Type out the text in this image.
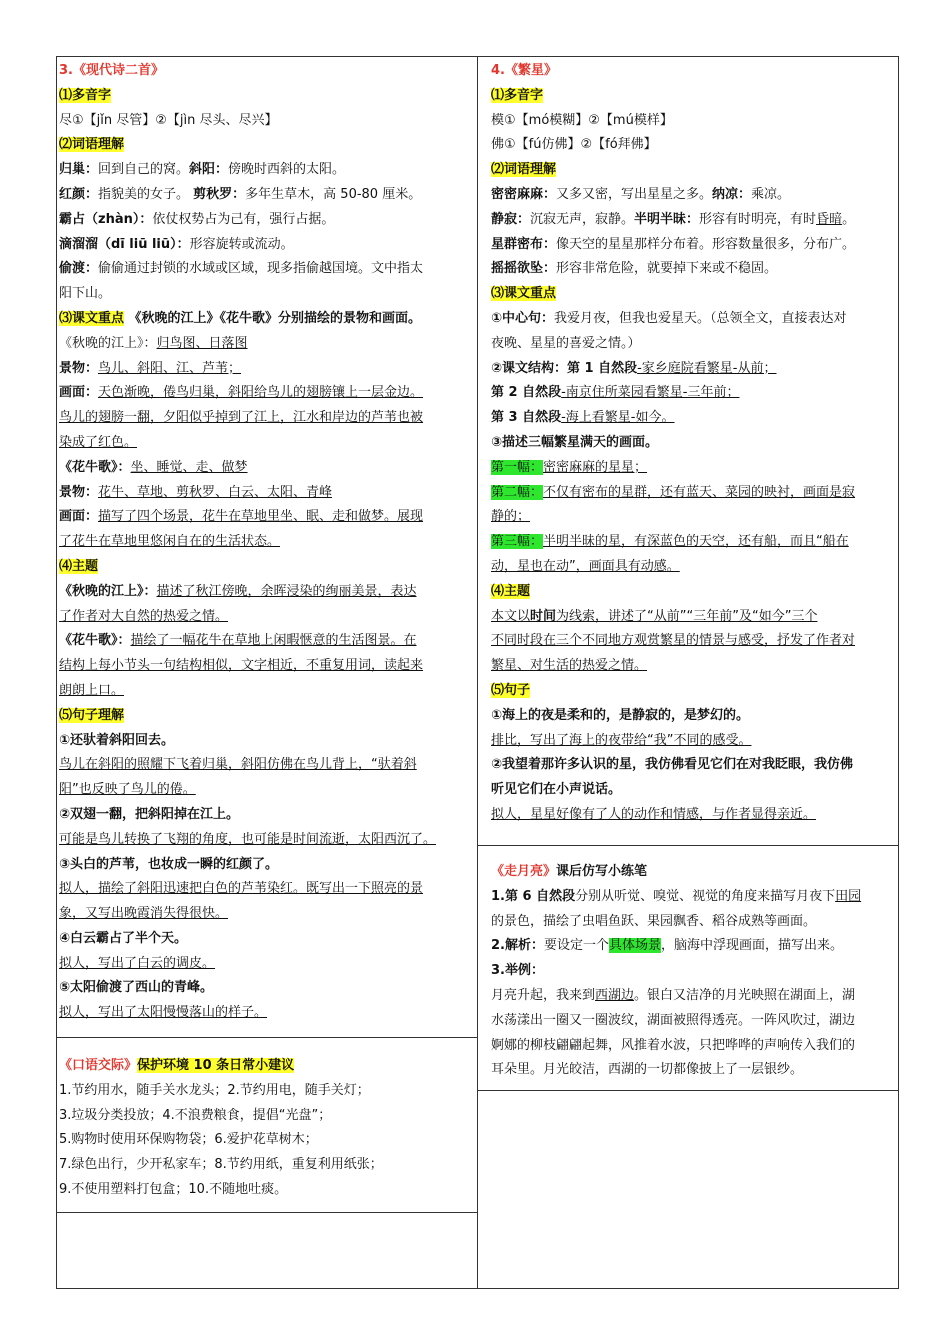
3.《现代诗二首》

⑴多音字

尽①【jǐn 尽管】②【jìn 尽头、尽兴】

⑵词语理解

归巢：回到自己的窝。斜阳：傍晚时西斜的太阳。

红颜：指貌美的女子。 剪秋罗：多年生草木，高 50-80 厘米。

霸占（zhàn）：依仗权势占为己有，强行占据。

滴溜溜（dī liū liū）：形容旋转或流动。

偷渡：偷偷通过封锁的水域或区域，现多指偷越国境。文中指太

阳下山。

⑶课文重点 《秋晚的江上》《花牛歌》分别描绘的景物和画面。

《秋晚的江上》：归鸟图、日落图

景物：鸟儿、斜阳、江、芦苇；

画面：天色渐晚，倦鸟归巢，斜阳给鸟儿的翅膀镶上一层金边。

鸟儿的翅膀一翻，夕阳似乎掉到了江上，江水和岸边的芦苇也被

染成了红色。

《花牛歌》：坐、睡觉、走、做梦

景物：花牛、草地、剪秋罗、白云、太阳、青峰

画面：描写了四个场景，花牛在草地里坐、眠、走和做梦。展现

了花牛在草地里悠闲自在的生活状态。

⑷主题

《秋晚的江上》：描述了秋江傍晚，余晖浸染的绚丽美景，表达

了作者对大自然的热爱之情。

《花牛歌》：描绘了一幅花牛在草地上闲暇惬意的生活图景。在

结构上每小节头一句结构相似，文字相近，不重复用词，读起来

朗朗上口。

⑸句子理解

①还驮着斜阳回去。

鸟儿在斜阳的照耀下飞着归巢，斜阳仿佛在鸟儿背上，“驮着斜

阳”也反映了鸟儿的倦。

②双翅一翻，把斜阳掉在江上。

可能是鸟儿转换了飞翔的角度，也可能是时间流逝，太阳西沉了。

③头白的芦苇，也妆成一瞬的红颜了。

拟人，描绘了斜阳迅速把白色的芦苇染红。既写出一下照亮的景

象，又写出晚霞消失得很快。

④白云霸占了半个天。

拟人，写出了白云的调皮。

⑤太阳偷渡了西山的青峰。

拟人，写出了太阳慢慢落山的样子。

《口语交际》保护环境 10 条日常小建议

1.节约用水，随手关水龙头；2.节约用电，随手关灯；

3.垃圾分类投放；4.不浪费粮食，提倡“光盘”；

5.购物时使用环保购物袋；6.爱护花草树木；

7.绿色出行，少开私家车；8.节约用纸，重复利用纸张；

9.不使用塑料打包盒；10.不随地吐痰。

4.《繁星》

⑴多音字

模①【mó模糊】②【mú模样】

佛①【fú仿佛】②【fó拜佛】

⑵词语理解

密密麻麻：又多又密，写出星星之多。纳凉：乘凉。

静寂：沉寂无声，寂静。半明半昧：形容有时明亮，有时昏暗。

星群密布：像天空的星星那样分布着。形容数量很多，分布广。

摇摇欲坠：形容非常危险，就要掉下来或不稳固。

⑶课文重点

①中心句：我爱月夜，但我也爱星天。（总领全文，直接表达对

夜晚、星星的喜爱之情。）

②课文结构：第 1 自然段-家乡庭院看繁星-从前；

第 2 自然段-南京住所菜园看繁星-三年前；

第 3 自然段-海上看繁星-如今。

③描述三幅繁星满天的画面。

第一幅：密密麻麻的星星；

第二幅：不仅有密布的星群，还有蓝天、菜园的映衬，画面是寂

静的；

第三幅：半明半昧的星，有深蓝色的天空，还有船，而且“船在

动，星也在动”，画面具有动感。

⑷主题

本文以时间为线索，讲述了“从前”“三年前”及“如今”三个

不同时段在三个不同地方观赏繁星的情景与感受，抒发了作者对

繁星、对生活的热爱之情。

⑸句子

①海上的夜是柔和的，是静寂的，是梦幻的。

排比，写出了海上的夜带给“我”不同的感受。

②我望着那许多认识的星，我仿佛看见它们在对我眨眼，我仿佛

听见它们在小声说话。

拟人，星星好像有了人的动作和情感，与作者显得亲近。

《走月亮》课后仿写小练笔

1.第 6 自然段分别从听觉、嗅觉、视觉的角度来描写月夜下田园

的景色，描绘了虫唱鱼跃、果园飘香、稻谷成熟等画面。

2.解析：要设定一个具体场景，脑海中浮现画面，描写出来。

3.举例：

月亮升起，我来到西湖边。银白又洁净的月光映照在湖面上，湖

水荡漾出一圈又一圈波纹，湖面被照得透亮。一阵风吹过，湖边

婀娜的柳枝翩翩起舞，风推着水波，只把哗哗的声响传入我们的

耳朵里。月光皎洁，西湖的一切都像披上了一层银纱。
